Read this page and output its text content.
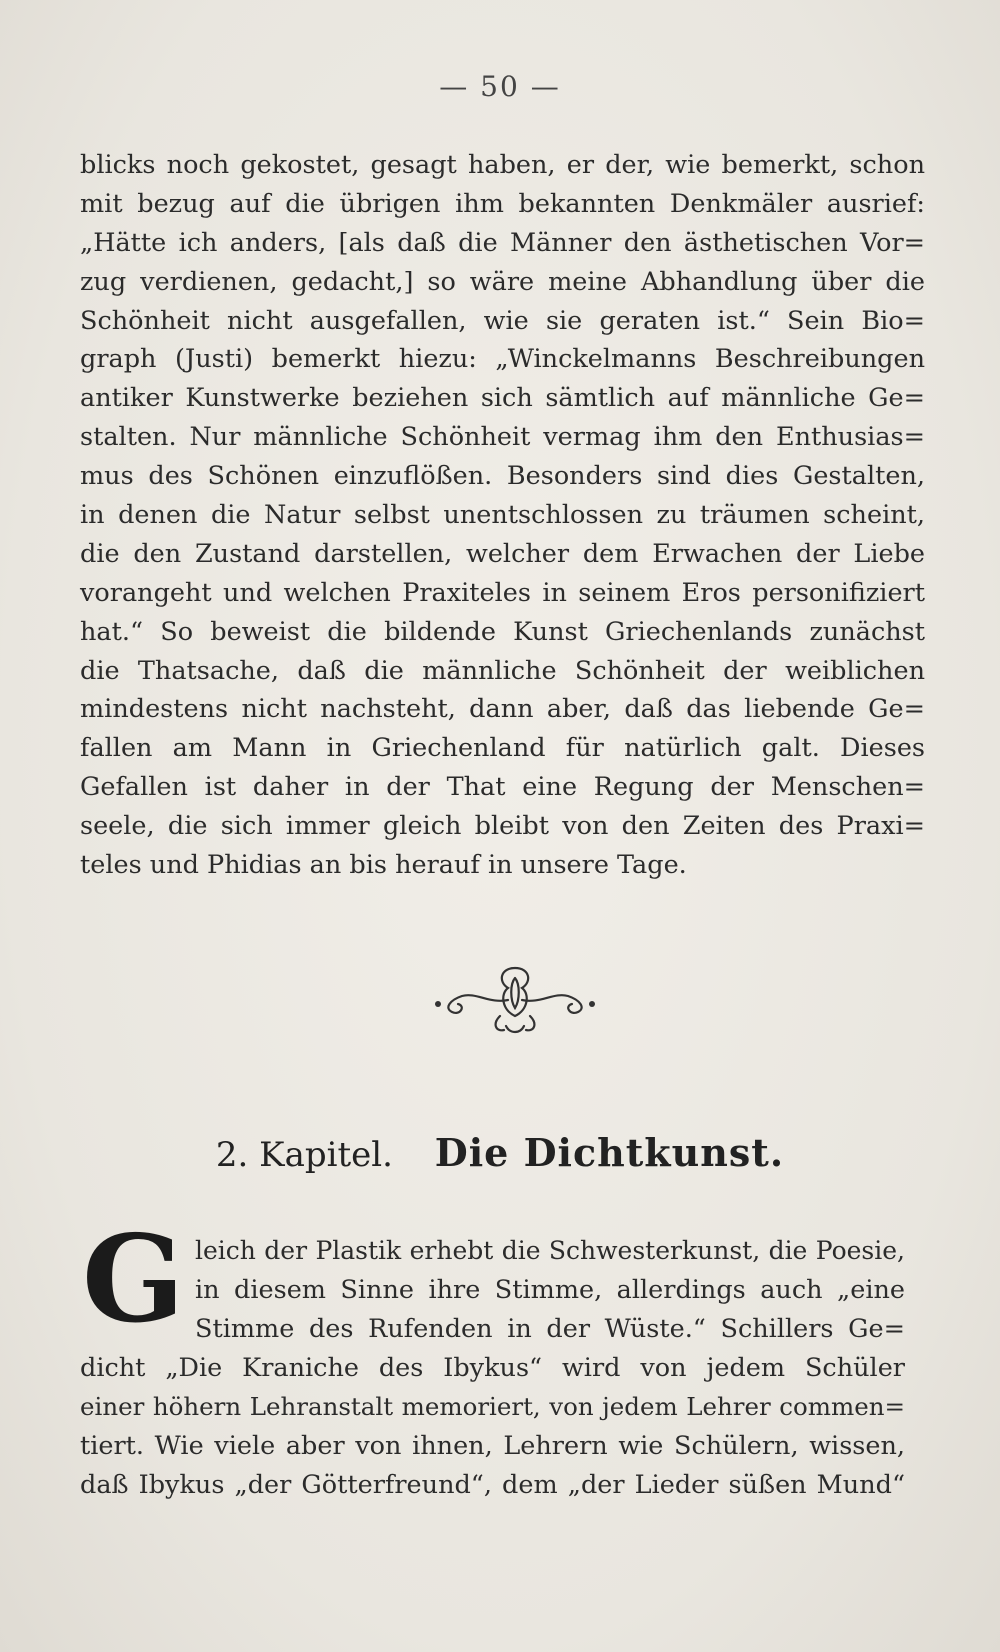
— 50 —
blicks noch gekostet, gesagt haben, er der, wie bemerkt, schon
mit bezug auf die übrigen ihm bekannten Denkmäler ausrief:
„Hätte ich anders, [als daß die Männer den ästhetischen Vor=
zug verdienen, gedacht,] so wäre meine Abhandlung über die
Schönheit nicht ausgefallen, wie sie geraten ist.“ Sein Bio=
graph (Justi) bemerkt hiezu: „Winckelmanns Beschreibungen
antiker Kunstwerke beziehen sich sämtlich auf männliche Ge=
stalten. Nur männliche Schönheit vermag ihm den Enthusias=
mus des Schönen einzuflößen. Besonders sind dies Gestalten,
in denen die Natur selbst unentschlossen zu träumen scheint,
die den Zustand darstellen, welcher dem Erwachen der Liebe
vorangeht und welchen Praxiteles in seinem Eros personifiziert
hat.“ So beweist die bildende Kunst Griechenlands zunächst
die Thatsache, daß die männliche Schönheit der weiblichen
mindestens nicht nachsteht, dann aber, daß das liebende Ge=
fallen am Mann in Griechenland für natürlich galt. Dieses
Gefallen ist daher in der That eine Regung der Menschen=
seele, die sich immer gleich bleibt von den Zeiten des Praxi=
teles und Phidias an bis herauf in unsere Tage.
2. Kapitel. Die Dichtkunst.
G leich der Plastik erhebt die Schwesterkunst, die Poesie,
in diesem Sinne ihre Stimme, allerdings auch „eine
Stimme des Rufenden in der Wüste.“ Schillers Ge=
dicht „Die Kraniche des Ibykus“ wird von jedem Schüler
einer höhern Lehranstalt memoriert, von jedem Lehrer commen=
tiert. Wie viele aber von ihnen, Lehrern wie Schülern, wissen,
daß Ibykus „der Götterfreund“, dem „der Lieder süßen Mund“
